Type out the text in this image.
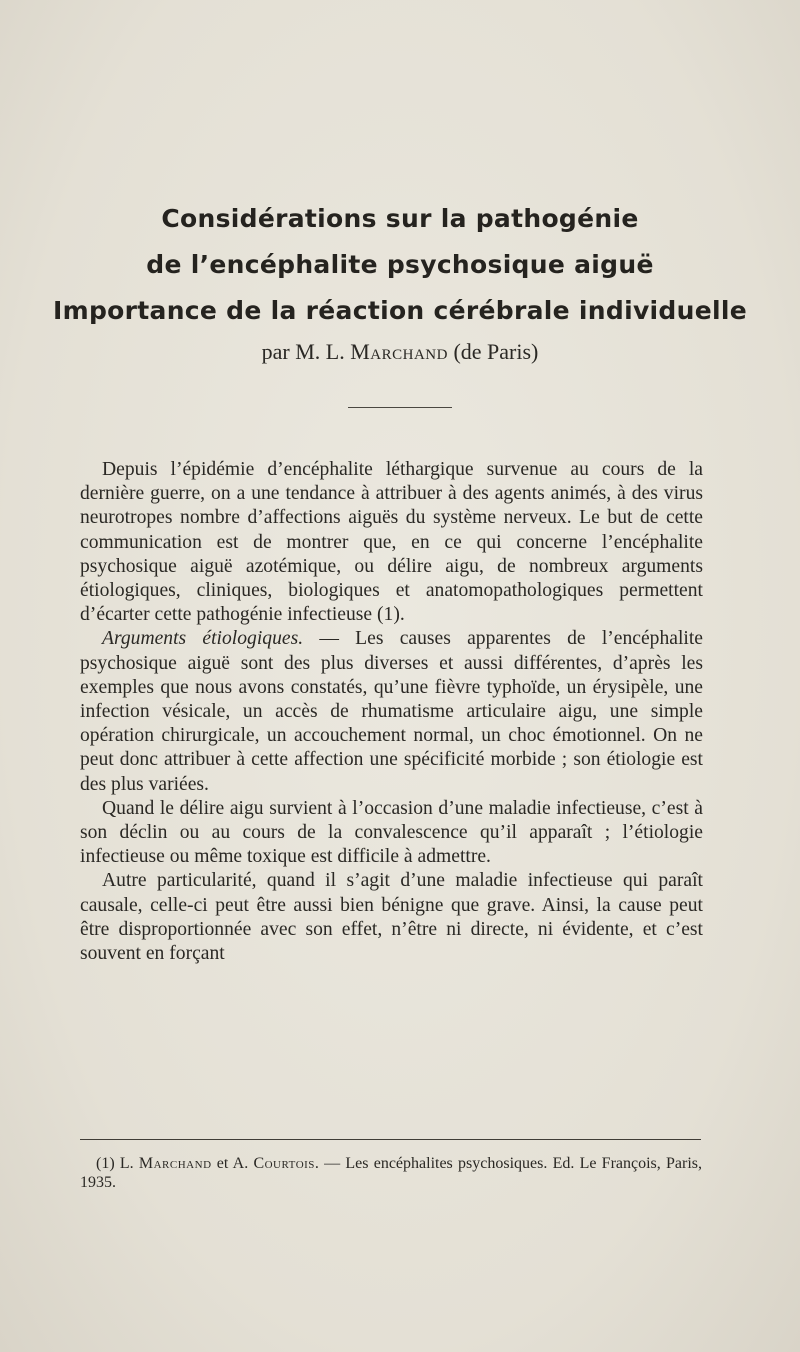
Considérations sur la pathogénie
de l’encéphalite psychosique aiguë
Importance de la réaction cérébrale individuelle
par M. L. Marchand (de Paris)

Depuis l’épidémie d’encéphalite léthargique survenue au cours de la dernière guerre, on a une tendance à attribuer à des agents animés, à des virus neurotropes nombre d’affections aiguës du système nerveux. Le but de cette communication est de montrer que, en ce qui concerne l’encéphalite psychosique aiguë azotémique, ou délire aigu, de nombreux arguments étiologiques, cliniques, biologiques et anatomopathologiques permettent d’écarter cette pathogénie infectieuse (1).

Arguments étiologiques. — Les causes apparentes de l’encéphalite psychosique aiguë sont des plus diverses et aussi différentes, d’après les exemples que nous avons constatés, qu’une fièvre typhoïde, un érysipèle, une infection vésicale, un accès de rhumatisme articulaire aigu, une simple opération chirurgicale, un accouchement normal, un choc émotionnel. On ne peut donc attribuer à cette affection une spécificité morbide ; son étiologie est des plus variées.

Quand le délire aigu survient à l’occasion d’une maladie infectieuse, c’est à son déclin ou au cours de la convalescence qu’il apparaît ; l’étiologie infectieuse ou même toxique est difficile à admettre.

Autre particularité, quand il s’agit d’une maladie infectieuse qui paraît causale, celle-ci peut être aussi bien bénigne que grave. Ainsi, la cause peut être disproportionnée avec son effet, n’être ni directe, ni évidente, et c’est souvent en forçant

(1) L. Marchand et A. Courtois. — Les encéphalites psychosiques. Ed. Le François, Paris, 1935.
